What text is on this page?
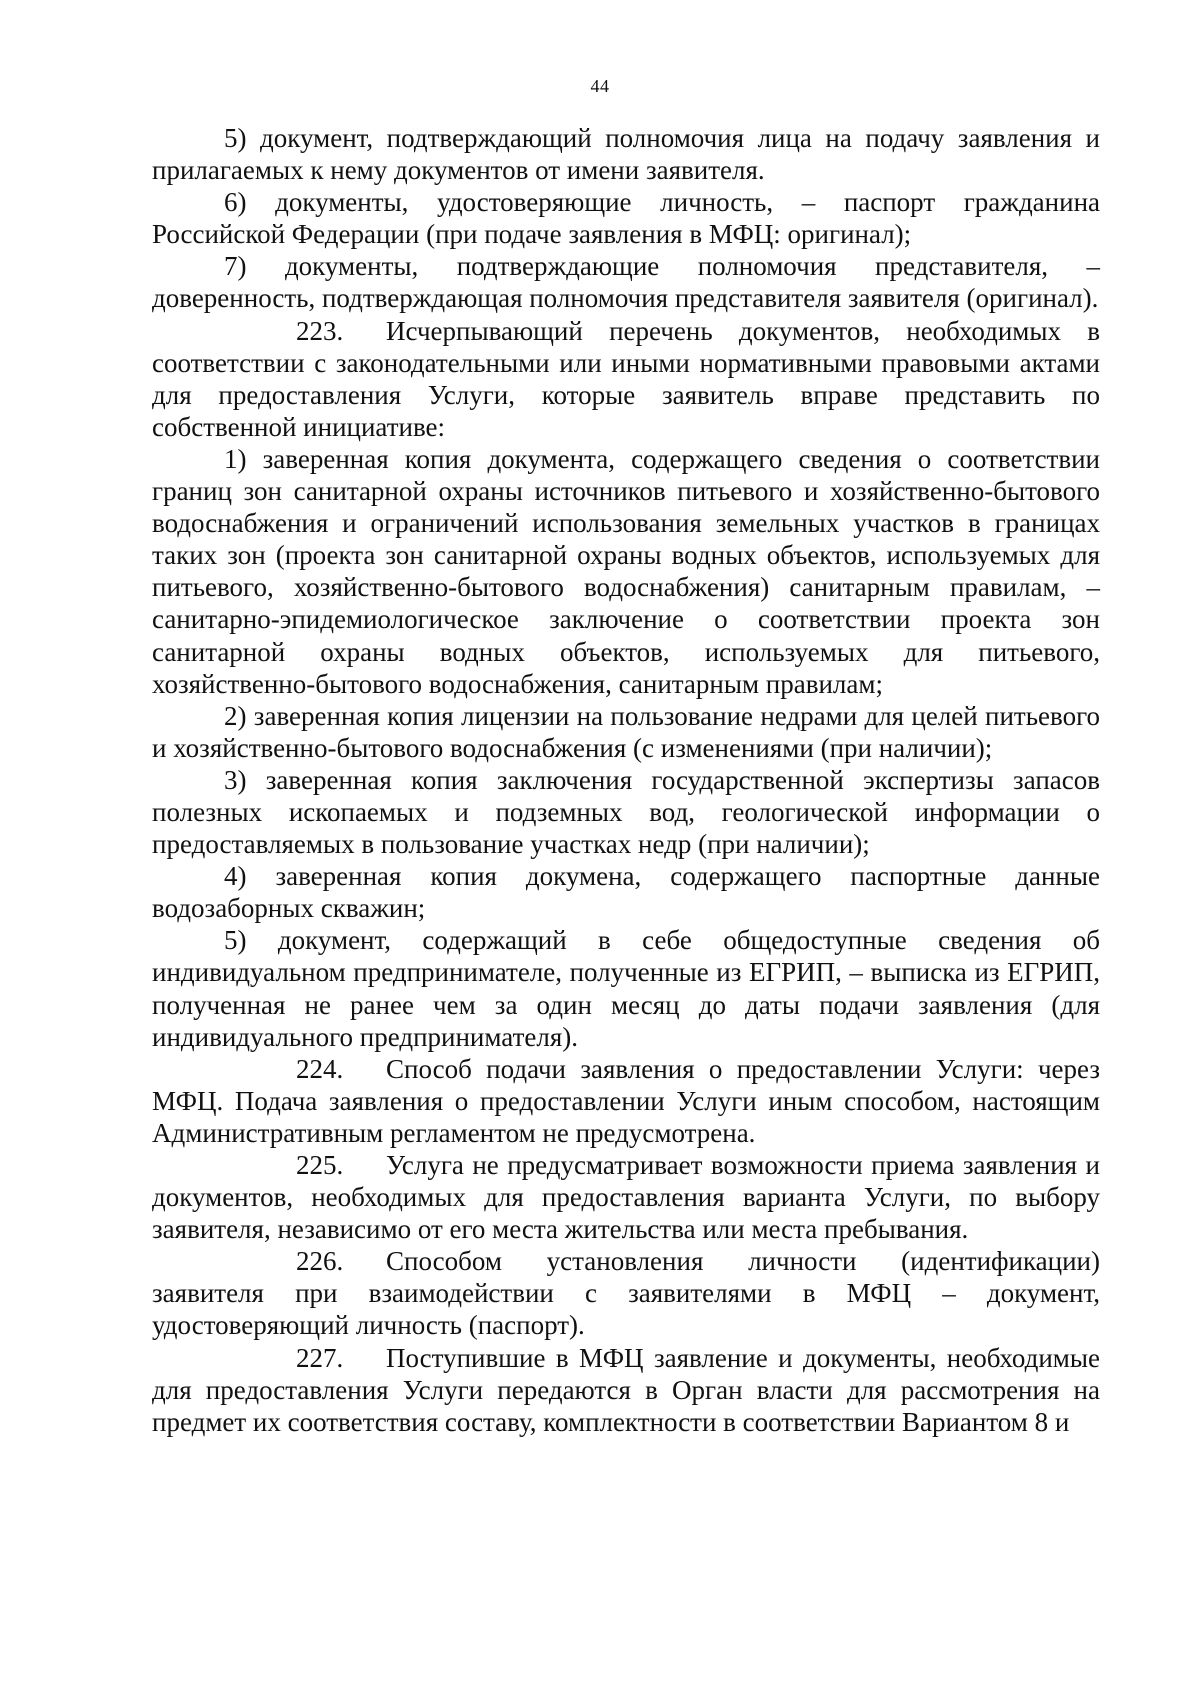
44

5) документ, подтверждающий полномочия лица на подачу заявления и прилагаемых к нему документов от имени заявителя.

6) документы, удостоверяющие личность, – паспорт гражданина Российской Федерации (при подаче заявления в МФЦ: оригинал);

7) документы, подтверждающие полномочия представителя, – доверенность, подтверждающая полномочия представителя заявителя (оригинал).

223. Исчерпывающий перечень документов, необходимых в соответствии с законодательными или иными нормативными правовыми актами для предоставления Услуги, которые заявитель вправе представить по собственной инициативе:

1) заверенная копия документа, содержащего сведения о соответствии границ зон санитарной охраны источников питьевого и хозяйственно-бытового водоснабжения и ограничений использования земельных участков в границах таких зон (проекта зон санитарной охраны водных объектов, используемых для питьевого, хозяйственно-бытового водоснабжения) санитарным правилам, – санитарно-эпидемиологическое заключение о соответствии проекта зон санитарной охраны водных объектов, используемых для питьевого, хозяйственно-бытового водоснабжения, санитарным правилам;

2) заверенная копия лицензии на пользование недрами для целей питьевого и хозяйственно-бытового водоснабжения (с изменениями (при наличии);

3) заверенная копия заключения государственной экспертизы запасов полезных ископаемых и подземных вод, геологической информации о предоставляемых в пользование участках недр (при наличии);

4) заверенная копия докумена, содержащего паспортные данные водозаборных скважин;

5) документ, содержащий в себе общедоступные сведения об индивидуальном предпринимателе, полученные из ЕГРИП, – выписка из ЕГРИП, полученная не ранее чем за один месяц до даты подачи заявления (для индивидуального предпринимателя).

224. Способ подачи заявления о предоставлении Услуги: через МФЦ. Подача заявления о предоставлении Услуги иным способом, настоящим Административным регламентом не предусмотрена.

225. Услуга не предусматривает возможности приема заявления и документов, необходимых для предоставления варианта Услуги, по выбору заявителя, независимо от его места жительства или места пребывания.

226. Способом установления личности (идентификации) заявителя при взаимодействии с заявителями в МФЦ – документ, удостоверяющий личность (паспорт).

227. Поступившие в МФЦ заявление и документы, необходимые для предоставления Услуги передаются в Орган власти для рассмотрения на предмет их соответствия составу, комплектности в соответствии Вариантом 8 и
